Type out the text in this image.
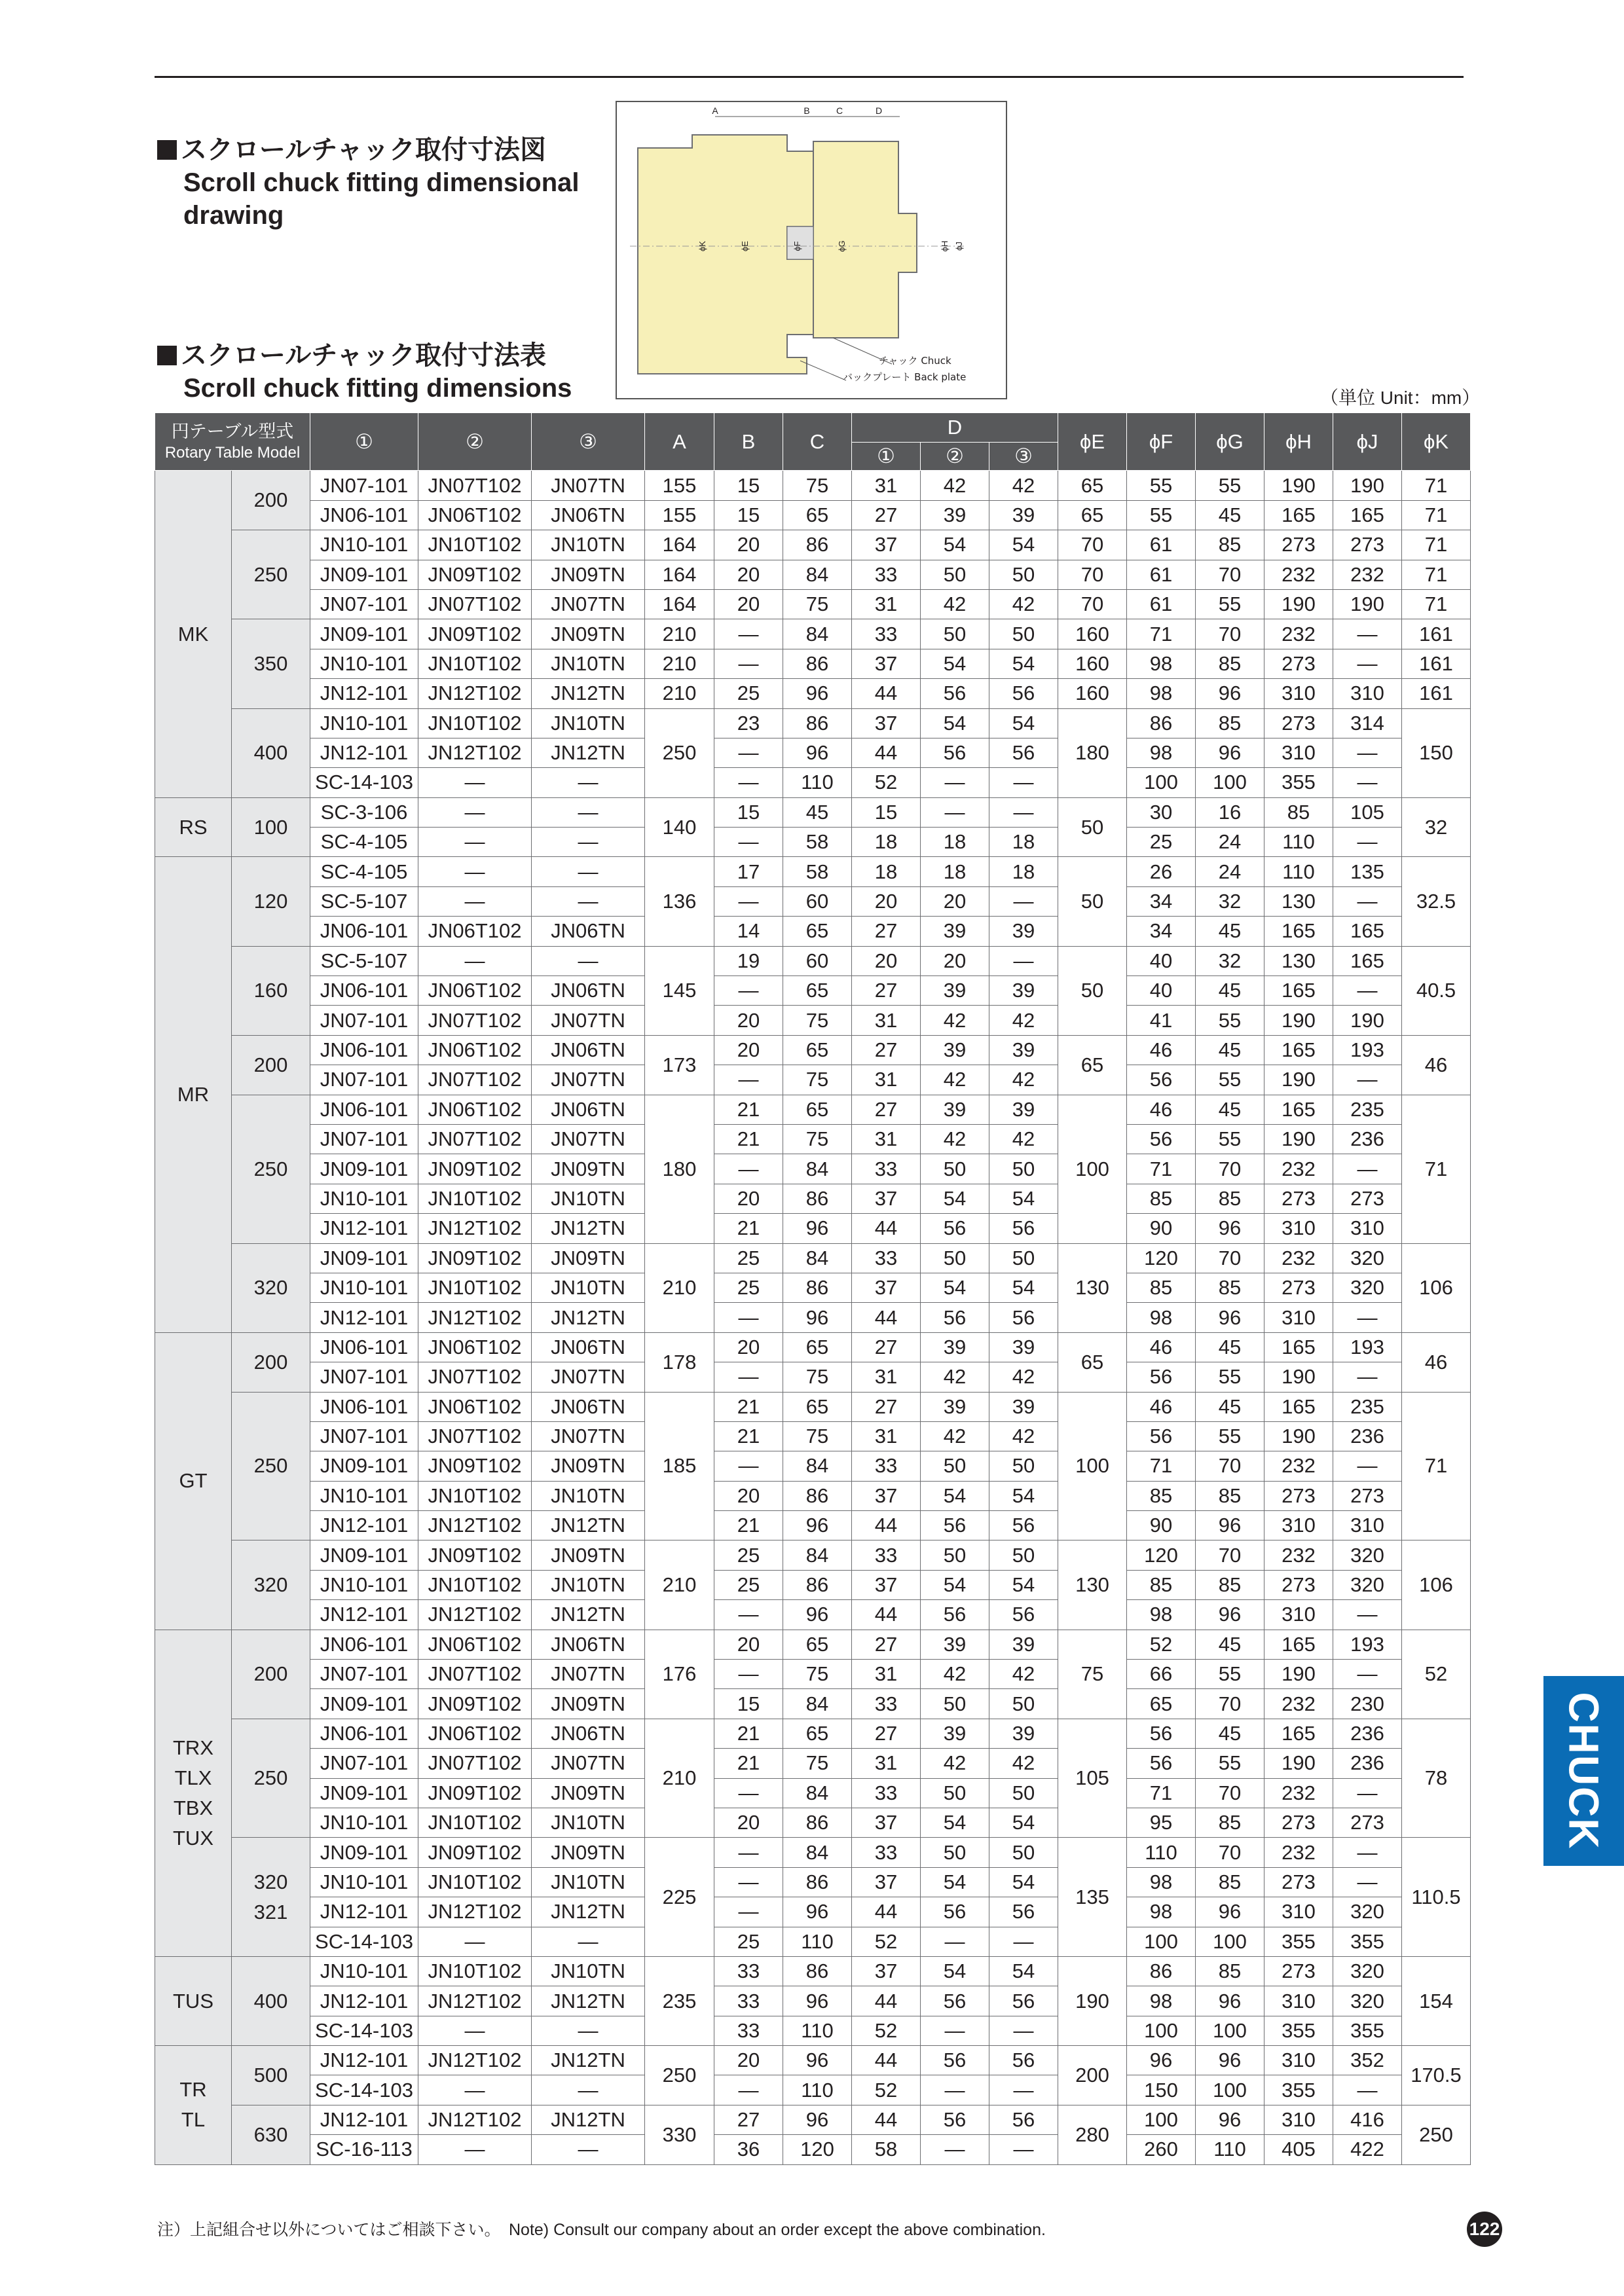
スクロールチャック取付寸法図
Scroll chuck fitting dimensional
drawing
A	B	C	D
ϕK	ϕE	ϕF	ϕG	ϕH ϕJ
チャック Chuck
バックプレート Back plate
スクロールチャック取付寸法表
Scroll chuck fitting dimensions	（単位 Unit：mm）
円テーブル型式
Rotary Table Model		①	②	③	A	B	C	D			ϕE	ϕF	ϕG	ϕH	ϕJ	ϕK
								①	②	③						
MK	200	JN07-101	JN07T102	JN07TN	155	15	75	31	42	42	65	55	55	190	190	71
		JN06-101	JN06T102	JN06TN	155	15	65	27	39	39	65	55	45	165	165	71
	250	JN10-101	JN10T102	JN10TN	164	20	86	37	54	54	70	61	85	273	273	71
		JN09-101	JN09T102	JN09TN	164	20	84	33	50	50	70	61	70	232	232	71
		JN07-101	JN07T102	JN07TN	164	20	75	31	42	42	70	61	55	190	190	71
	350	JN09-101	JN09T102	JN09TN	210	—	84	33	50	50	160	71	70	232	—	161
		JN10-101	JN10T102	JN10TN	210	—	86	37	54	54	160	98	85	273	—	161
		JN12-101	JN12T102	JN12TN	210	25	96	44	56	56	160	98	96	310	310	161
	400	JN10-101	JN10T102	JN10TN	250	23	86	37	54	54	180	86	85	273	314	150
		JN12-101	JN12T102	JN12TN		—	96	44	56	56		98	96	310	—	
		SC-14-103	—	—		—	110	52	—	—		100	100	355	—	
RS	100	SC-3-106	—	—	140	15	45	15	—	—	50	30	16	85	105	32
		SC-4-105	—	—		—	58	18	18	18		25	24	110	—	
MR	120	SC-4-105	—	—	136	17	58	18	18	18	50	26	24	110	135	32.5
		SC-5-107	—	—		—	60	20	20	—		34	32	130	—	
		JN06-101	JN06T102	JN06TN		14	65	27	39	39		34	45	165	165	
	160	SC-5-107	—	—	145	19	60	20	20	—	50	40	32	130	165	40.5
		JN06-101	JN06T102	JN06TN		—	65	27	39	39		40	45	165	—	
		JN07-101	JN07T102	JN07TN		20	75	31	42	42		41	55	190	190	
	200	JN06-101	JN06T102	JN06TN	173	20	65	27	39	39	65	46	45	165	193	46
		JN07-101	JN07T102	JN07TN		—	75	31	42	42		56	55	190	—	
	250	JN06-101	JN06T102	JN06TN	180	21	65	27	39	39	100	46	45	165	235	71
		JN07-101	JN07T102	JN07TN		21	75	31	42	42		56	55	190	236	
		JN09-101	JN09T102	JN09TN		—	84	33	50	50		71	70	232	—	
		JN10-101	JN10T102	JN10TN		20	86	37	54	54		85	85	273	273	
		JN12-101	JN12T102	JN12TN		21	96	44	56	56		90	96	310	310	
	320	JN09-101	JN09T102	JN09TN	210	25	84	33	50	50	130	120	70	232	320	106
		JN10-101	JN10T102	JN10TN		25	86	37	54	54		85	85	273	320	
		JN12-101	JN12T102	JN12TN		—	96	44	56	56		98	96	310	—	
GT	200	JN06-101	JN06T102	JN06TN	178	20	65	27	39	39	65	46	45	165	193	46
		JN07-101	JN07T102	JN07TN		—	75	31	42	42		56	55	190	—	
	250	JN06-101	JN06T102	JN06TN	185	21	65	27	39	39	100	46	45	165	235	71
		JN07-101	JN07T102	JN07TN		21	75	31	42	42		56	55	190	236	
		JN09-101	JN09T102	JN09TN		—	84	33	50	50		71	70	232	—	
		JN10-101	JN10T102	JN10TN		20	86	37	54	54		85	85	273	273	
		JN12-101	JN12T102	JN12TN		21	96	44	56	56		90	96	310	310	
	320	JN09-101	JN09T102	JN09TN	210	25	84	33	50	50	130	120	70	232	320	106
		JN10-101	JN10T102	JN10TN		25	86	37	54	54		85	85	273	320	
		JN12-101	JN12T102	JN12TN		—	96	44	56	56		98	96	310	—	
TRX
TLX
TBX
TUX	200	JN06-101	JN06T102	JN06TN	176	20	65	27	39	39	75	52	45	165	193	52
		JN07-101	JN07T102	JN07TN		—	75	31	42	42		66	55	190	—	
		JN09-101	JN09T102	JN09TN		15	84	33	50	50		65	70	232	230	
	250	JN06-101	JN06T102	JN06TN	210	21	65	27	39	39	105	56	45	165	236	78
		JN07-101	JN07T102	JN07TN		21	75	31	42	42		56	55	190	236	
		JN09-101	JN09T102	JN09TN		—	84	33	50	50		71	70	232	—	
		JN10-101	JN10T102	JN10TN		20	86	37	54	54		95	85	273	273	
	320
321	JN09-101	JN09T102	JN09TN	225	—	84	33	50	50	135	110	70	232	—	110.5
		JN10-101	JN10T102	JN10TN		—	86	37	54	54		98	85	273	—	
		JN12-101	JN12T102	JN12TN		—	96	44	56	56		98	96	310	320	
		SC-14-103	—	—		25	110	52	—	—		100	100	355	355	
TUS	400	JN10-101	JN10T102	JN10TN	235	33	86	37	54	54	190	86	85	273	320	154
		JN12-101	JN12T102	JN12TN		33	96	44	56	56		98	96	310	320	
		SC-14-103	—	—		33	110	52	—	—		100	100	355	355	
TR
TL	500	JN12-101	JN12T102	JN12TN	250	20	96	44	56	56	200	96	96	310	352	170.5
		SC-14-103	—	—		—	110	52	—	—		150	100	355	—	
	630	JN12-101	JN12T102	JN12TN	330	27	96	44	56	56	280	100	96	310	416	250
		SC-16-113	—	—		36	120	58	—	—		260	110	405	422	
注）上記組合せ以外についてはご相談下さい。　Note) Consult our company about an order except the above combination.
CHUCK
122
